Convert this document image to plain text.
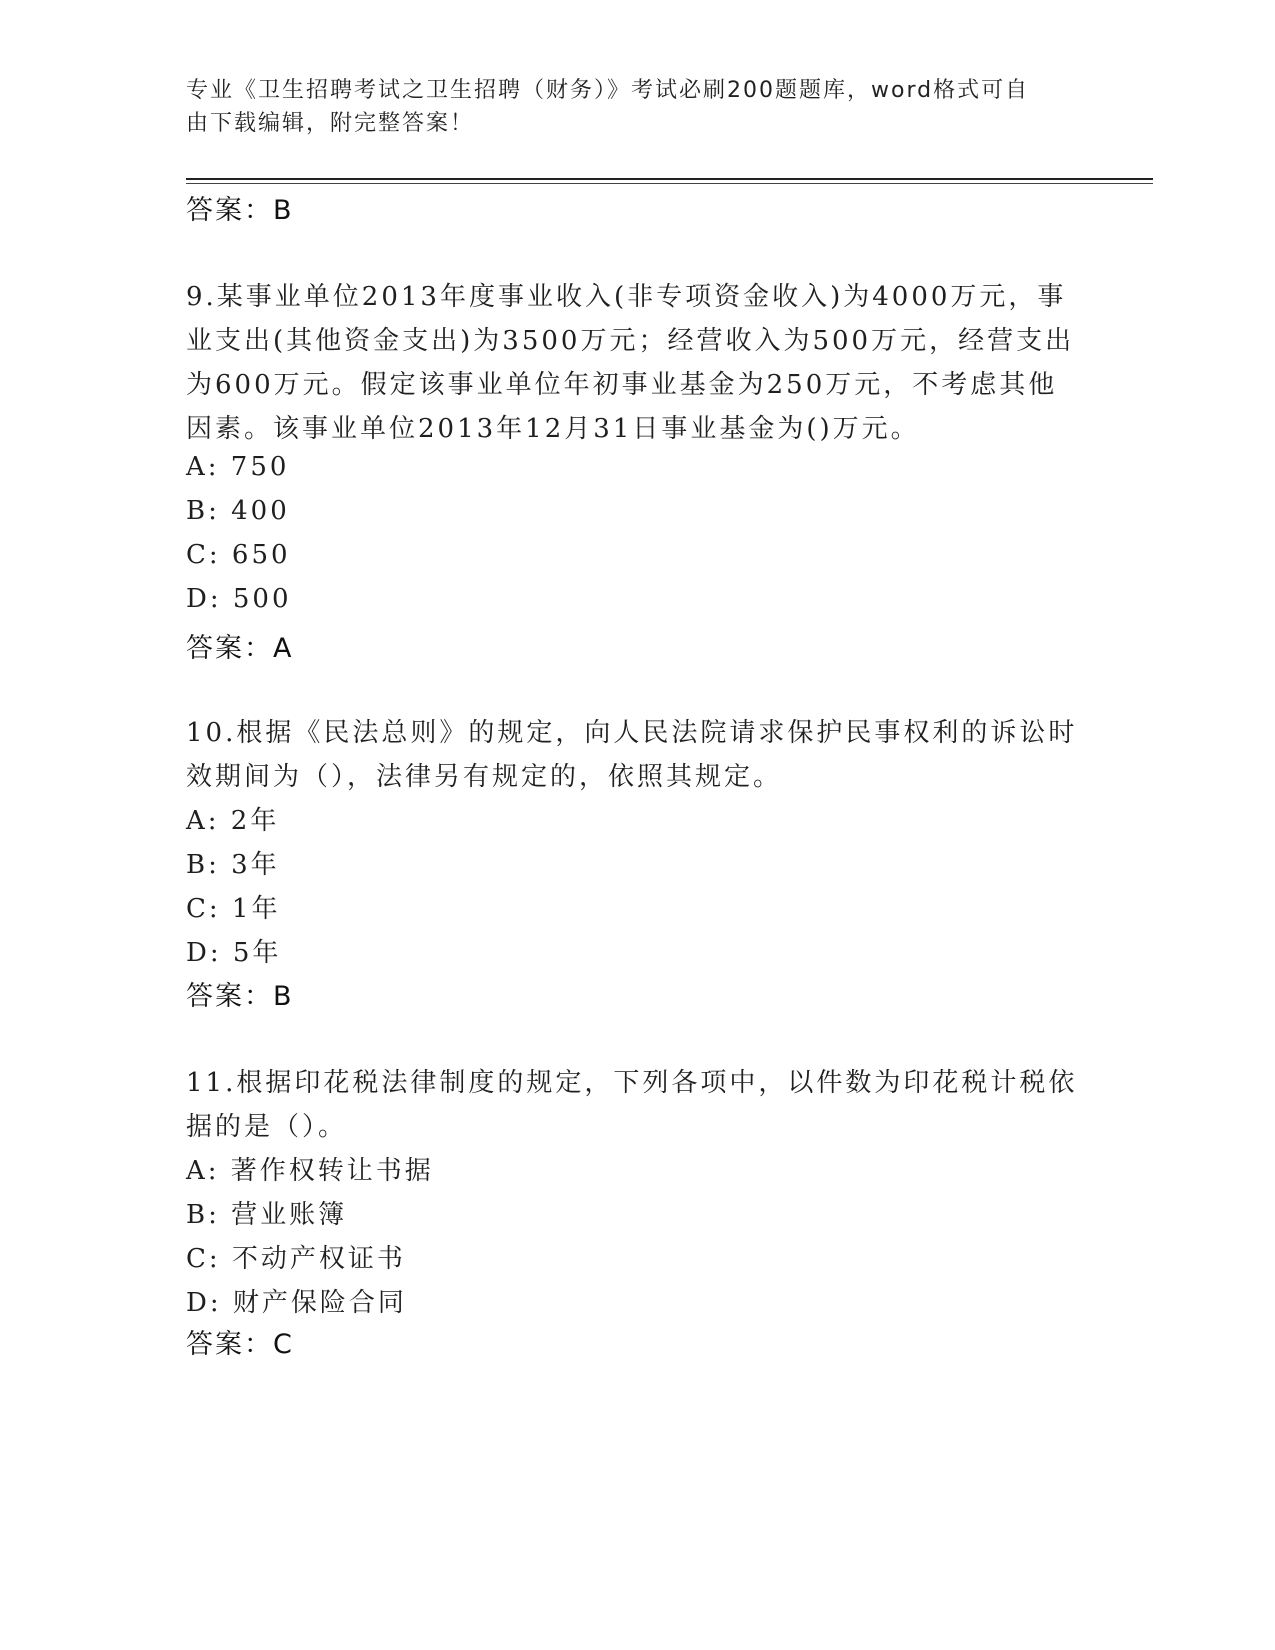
专业《卫生招聘考试之卫生招聘（财务）》考试必刷200题题库，word格式可自
由下载编辑，附完整答案！
答案：B
9.某事业单位2013年度事业收入(非专项资金收入)为4000万元，事
业支出(其他资金支出)为3500万元；经营收入为500万元，经营支出
为600万元。假定该事业单位年初事业基金为250万元，不考虑其他
因素。该事业单位2013年12月31日事业基金为()万元。
A: 750
B: 400
C: 650
D: 500
答案：A
10.根据《民法总则》的规定，向人民法院请求保护民事权利的诉讼时
效期间为（），法律另有规定的，依照其规定。
A: 2年
B: 3年
C: 1年
D: 5年
答案：B
11.根据印花税法律制度的规定，下列各项中，以件数为印花税计税依
据的是（）。
A: 著作权转让书据
B: 营业账簿
C: 不动产权证书
D: 财产保险合同
答案：C
